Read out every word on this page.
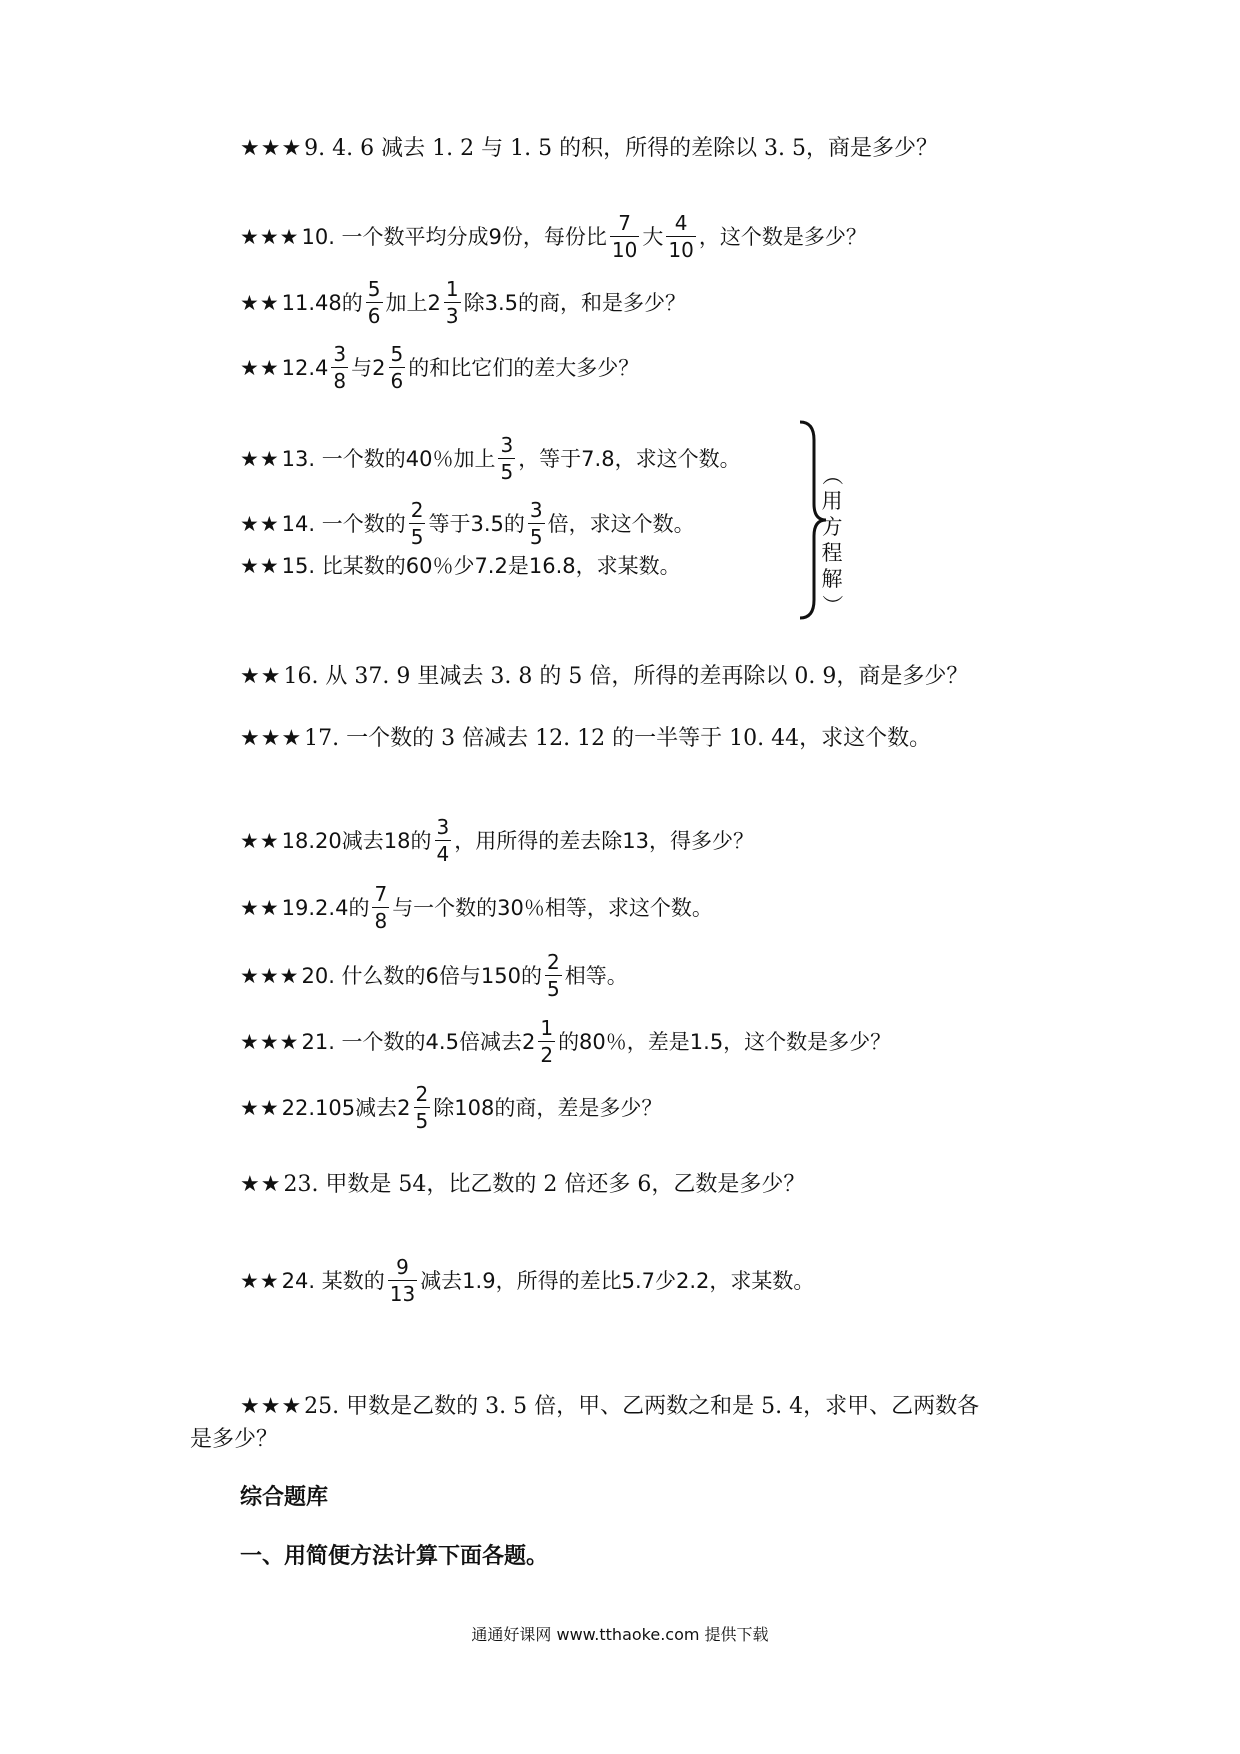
★★★ 9. 4. 6 减去 1. 2 与 1. 5 的积，所得的差除以 3. 5，商是多少？
★★★ 10. 一个数平均分成9份，每份比 $\frac{7}{10}$ 大 $\frac{4}{10}$ ，这个数是多少？
★★ 11.48的 $\frac{5}{6}$ 加上$2 \frac{1}{3}$ 除3.5的商，和是多少？
★★ $12.4 \frac{3}{8}$ 与$2 \frac{5}{6}$ 的和比它们的差大多少？
★★ 13. 一个数的40％加上 $\frac{3}{5}$ ，等于7.8，求这个数。
★★ 14. 一个数的 $\frac{2}{5}$ 等于3.5的 $\frac{3}{5}$ 倍，求这个数。
★★ 15. 比某数的60％少7.2是16.8，求某数。
（
用
方
程
解
）
★★ 16. 从 37. 9 里减去 3. 8 的 5 倍，所得的差再除以 0. 9，商是多少？
★★★ 17. 一个数的 3 倍减去 12. 12 的一半等于 10. 44，求这个数。
★★ 18.20减去18的 $\frac{3}{4}$ ，用所得的差去除13，得多少？
★★ 19.2.4的 $\frac{7}{8}$ 与一个数的30％相等，求这个数。
★★★ 20. 什么数的6倍与150的 $\frac{2}{5}$ 相等。
★★★ 21. 一个数的4.5倍减去$2 \frac{1}{2}$ 的80％，差是1.5，这个数是多少？
★★ 22.105减去$2 \frac{2}{5}$ 除108的商，差是多少？
★★ 23. 甲数是 54，比乙数的 2 倍还多 6，乙数是多少？
★★ 24. 某数的 $\frac{9}{13}$ 减去1.9，所得的差比5.7少2.2，求某数。
★★★ 25. 甲数是乙数的 3. 5 倍，甲、乙两数之和是 5. 4，求甲、乙两数各
是多少？
综合题库
一、用简便方法计算下面各题。
通通好课网 www.tthaoke.com 提供下载
